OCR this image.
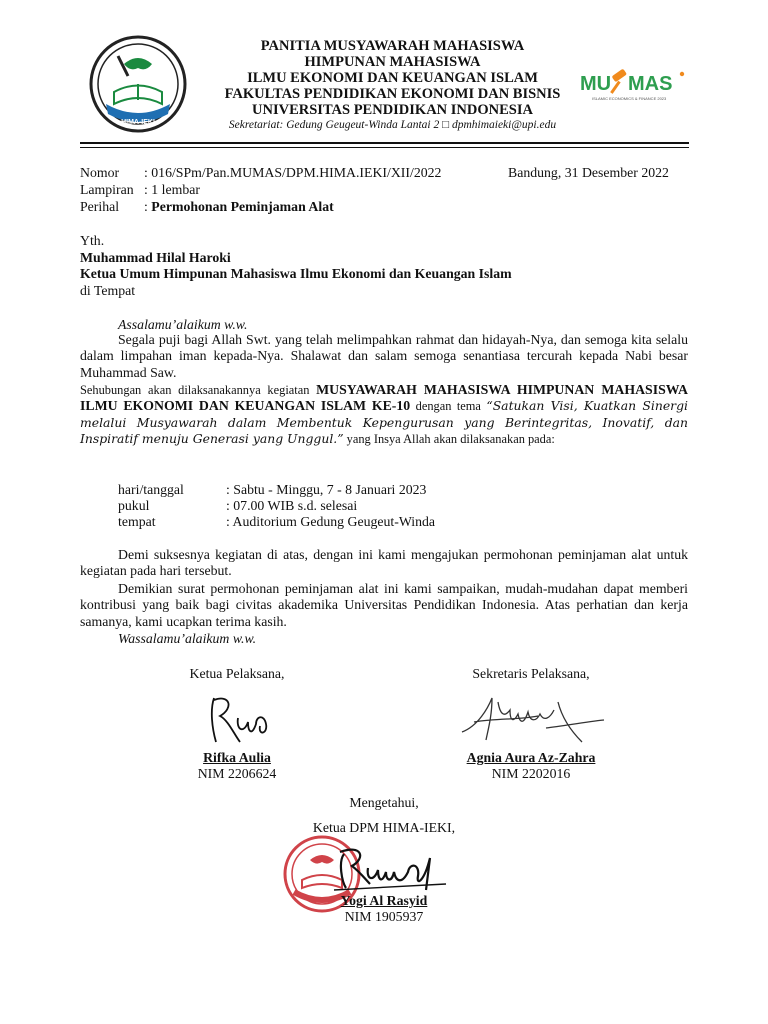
HIMA-IEKI
PANITIA MUSYAWARAH MAHASISWA
HIMPUNAN MAHASISWA
ILMU EKONOMI DAN KEUANGAN ISLAM
FAKULTAS PENDIDIKAN EKONOMI DAN BISNIS
UNIVERSITAS PENDIDIKAN INDONESIA
Sekretariat: Gedung Geugeut-Winda Lantai 2 □ dpmhimaieki@upi.edu
MU MAS
ISLAMIC ECONOMICS & FINANCE 2023
Nomor : 016/SPm/Pan.MUMAS/DPM.HIMA.IEKI/XII/2022	Bandung, 31 Desember 2022
Lampiran : 1 lembar
Perihal : Permohonan Peminjaman Alat
Yth.
Muhammad Hilal Haroki
Ketua Umum Himpunan Mahasiswa Ilmu Ekonomi dan Keuangan Islam
di Tempat
Assalamu’alaikum w.w.
Segala puji bagi Allah Swt. yang telah melimpahkan rahmat dan hidayah-Nya, dan semoga kita selalu dalam limpahan iman kepada-Nya. Shalawat dan salam semoga senantiasa tercurah kepada Nabi besar Muhammad Saw.
Sehubungan akan dilaksanakannya kegiatan MUSYAWARAH MAHASISWA HIMPUNAN MAHASISWA ILMU EKONOMI DAN KEUANGAN ISLAM KE-10 dengan tema “Satukan Visi, Kuatkan Sinergi melalui Musyawarah dalam Membentuk Kepengurusan yang Berintegritas, Inovatif, dan Inspiratif menuju Generasi yang Unggul.” yang Insya Allah akan dilaksanakan pada:
hari/tanggal	: Sabtu - Minggu, 7 - 8 Januari 2023
pukul	: 07.00 WIB s.d. selesai
tempat	: Auditorium Gedung Geugeut-Winda
Demi suksesnya kegiatan di atas, dengan ini kami mengajukan permohonan peminjaman alat untuk kegiatan pada hari tersebut.
Demikian surat permohonan peminjaman alat ini kami sampaikan, mudah-mudahan dapat memberi kontribusi yang baik bagi civitas akademika Universitas Pendidikan Indonesia. Atas perhatian dan kerja samanya, kami ucapkan terima kasih.
Wassalamu’alaikum w.w.
Ketua Pelaksana,
Rifka Aulia
NIM 2206624
Sekretaris Pelaksana,
Agnia Aura Az-Zahra
NIM 2202016
Mengetahui,
Ketua DPM HIMA-IEKI,
Yogi Al Rasyid
NIM 1905937
